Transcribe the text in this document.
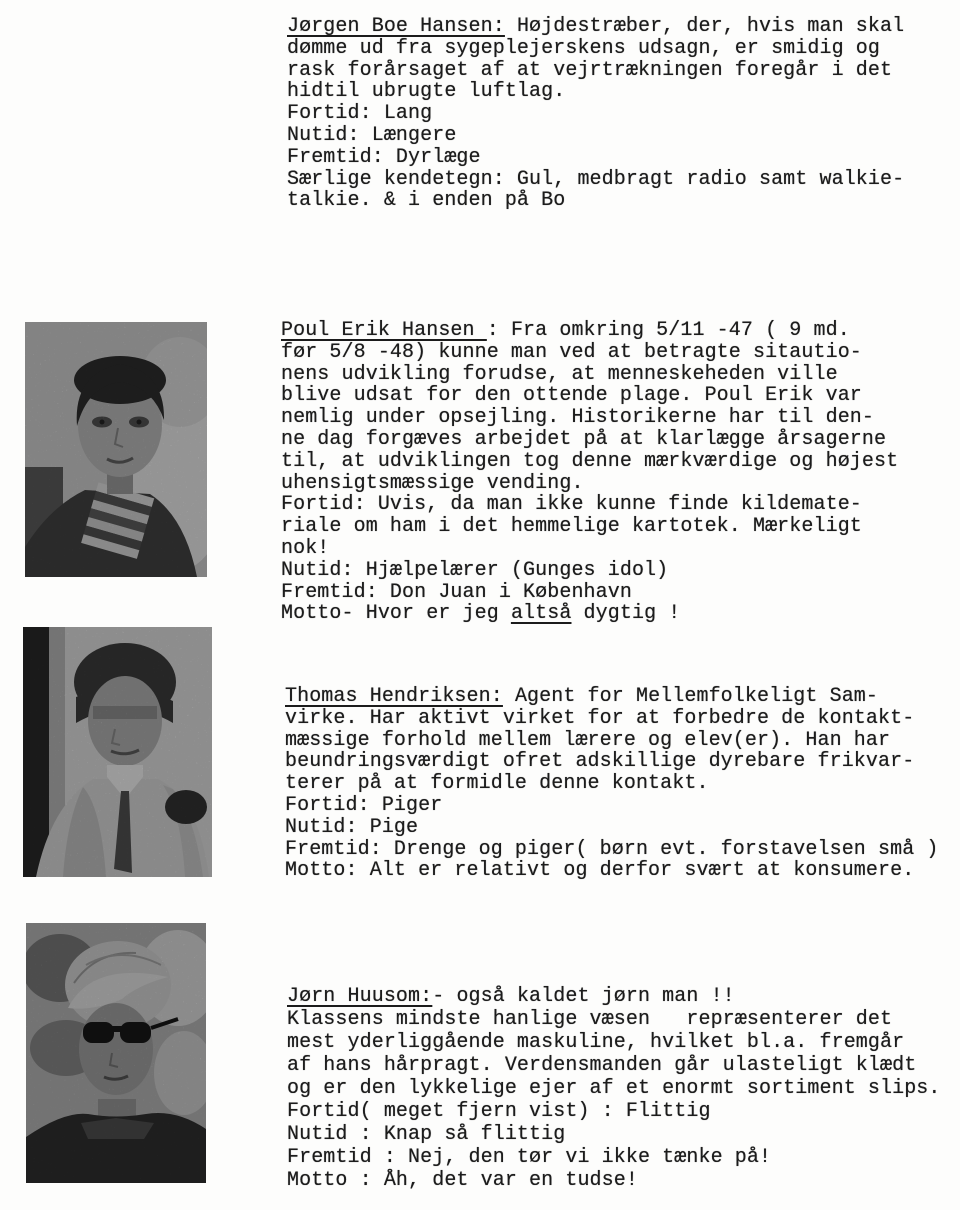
Jørgen Boe Hansen: Højdestræber, der, hvis man skal
dømme ud fra sygeplejerskens udsagn, er smidig og
rask forårsaget af at vejrtrækningen foregår i det
hidtil ubrugte luftlag.
Fortid: Lang
Nutid: Længere
Fremtid: Dyrlæge
Særlige kendetegn: Gul, medbragt radio samt walkie-
talkie. & i enden på Bo
Poul Erik Hansen : Fra omkring 5/11 -47 ( 9 md.
før 5/8 -48) kunne man ved at betragte sitautio-
nens udvikling forudse, at menneskeheden ville
blive udsat for den ottende plage. Poul Erik var
nemlig under opsejling. Historikerne har til den-
ne dag forgæves arbejdet på at klarlægge årsagerne
til, at udviklingen tog denne mærkværdige og højest
uhensigtsmæssige vending.
Fortid: Uvis, da man ikke kunne finde kildemate-
riale om ham i det hemmelige kartotek. Mærkeligt
nok!
Nutid: Hjælpelærer (Gunges idol)
Fremtid: Don Juan i København
Motto- Hvor er jeg altså dygtig !
Thomas Hendriksen: Agent for Mellemfolkeligt Sam-
virke. Har aktivt virket for at forbedre de kontakt-
mæssige forhold mellem lærere og elev(er). Han har
beundringsværdigt ofret adskillige dyrebare frikvar-
terer på at formidle denne kontakt.
Fortid: Piger
Nutid: Pige
Fremtid: Drenge og piger( børn evt. forstavelsen små )
Motto: Alt er relativt og derfor svært at konsumere.
Jørn Huusom:- også kaldet jørn man !!
Klassens mindste hanlige væsen   repræsenterer det
mest yderliggående maskuline, hvilket bl.a. fremgår
af hans hårpragt. Verdensmanden går ulasteligt klædt
og er den lykkelige ejer af et enormt sortiment slips.
Fortid( meget fjern vist) : Flittig
Nutid : Knap så flittig
Fremtid : Nej, den tør vi ikke tænke på!
Motto : Åh, det var en tudse!
